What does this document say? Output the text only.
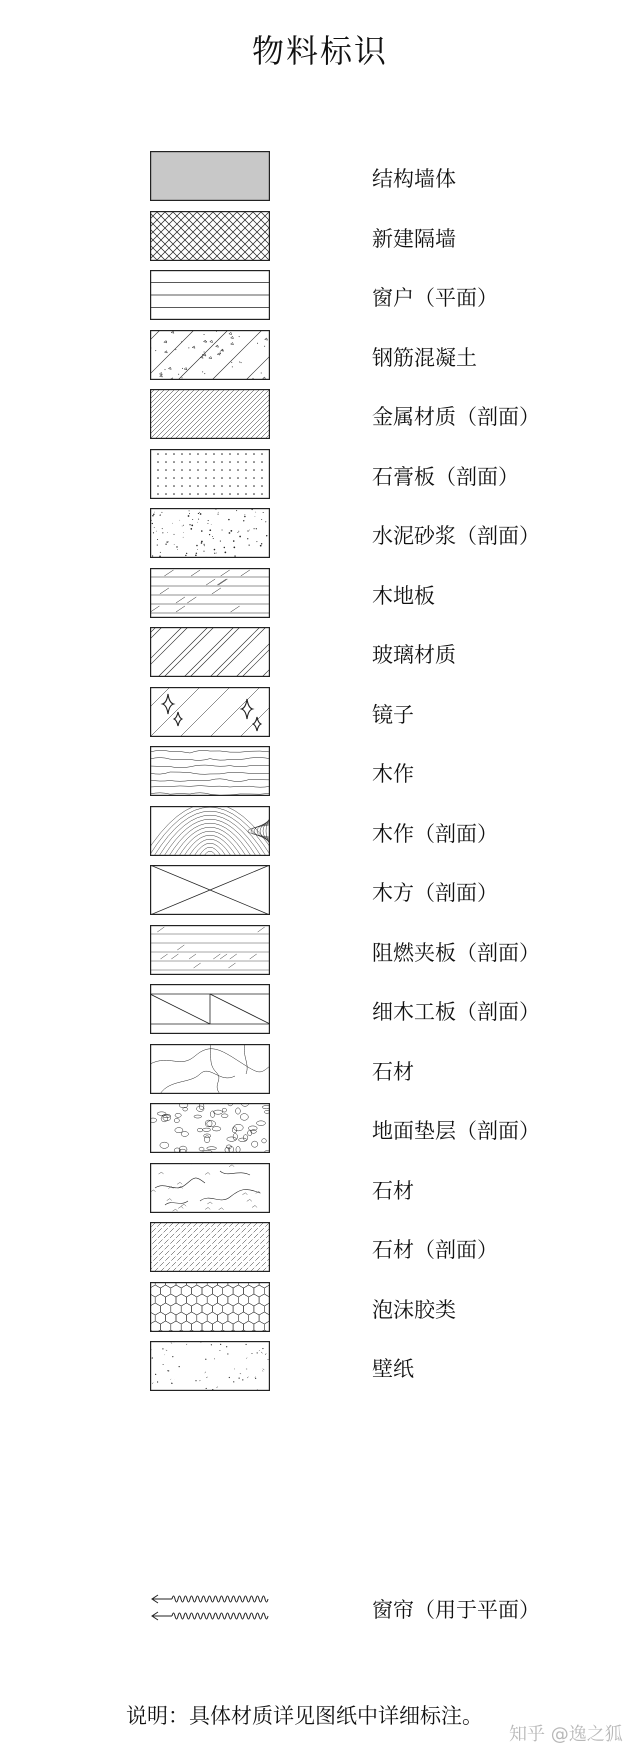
物料标识
结构墙体
新建隔墙
窗户（平面）
钢筋混凝土
金属材质（剖面）
石膏板（剖面）
水泥砂浆（剖面）
木地板
玻璃材质
镜子
木作
木作（剖面）
木方（剖面）
阻燃夹板（剖面）
细木工板（剖面）
石材
地面垫层（剖面）
石材
石材（剖面）
泡沫胶类
壁纸
窗帘（用于平面）
说明：具体材质详见图纸中详细标注。
知乎 @逸之狐
